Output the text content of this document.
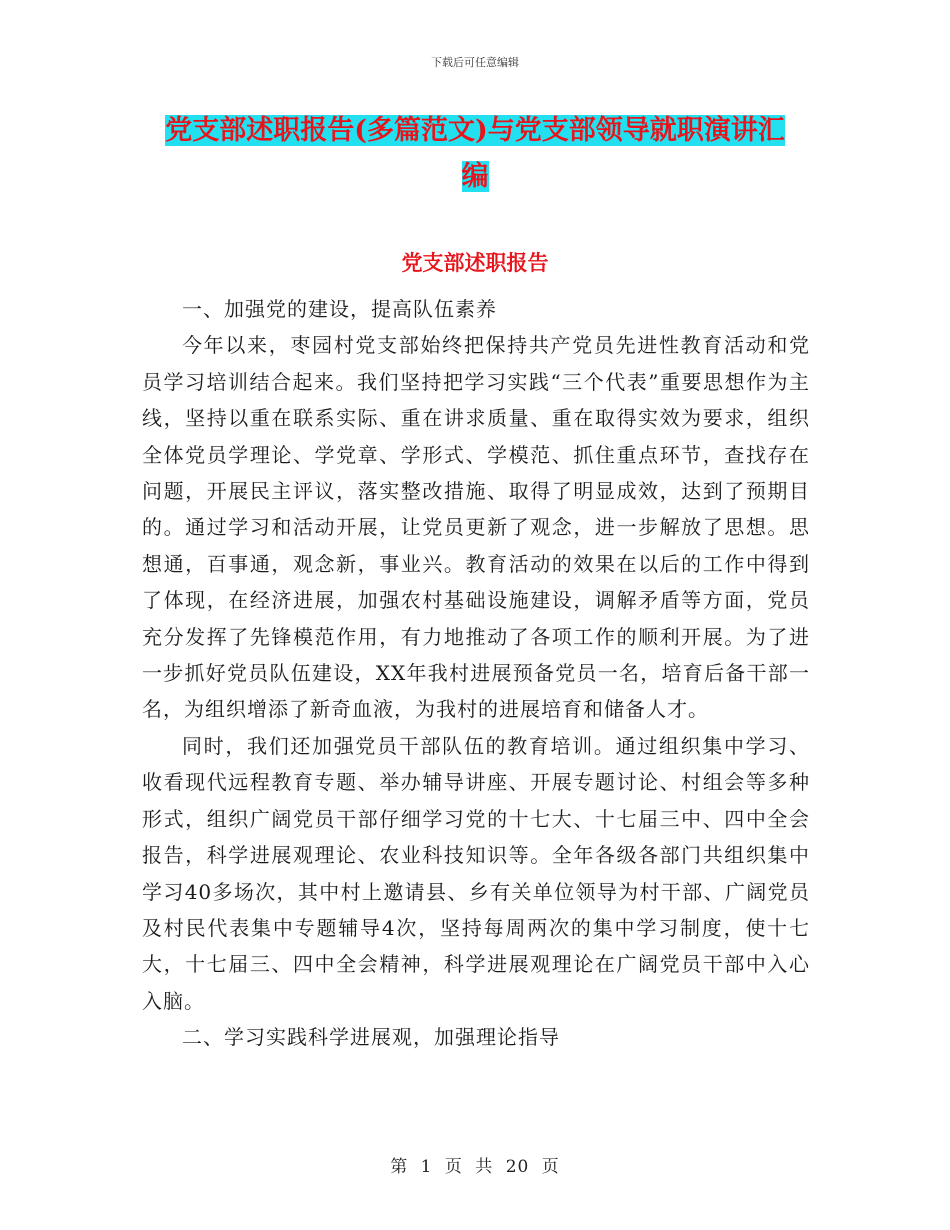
下载后可任意编辑
党支部述职报告(多篇范文)与党支部领导就职演讲汇
编
党支部述职报告

一、加强党的建设，提高队伍素养

今年以来，枣园村党支部始终把保持共产党员先进性教育活动和党员学习培训结合起来。我们坚持把学习实践“三个代表”重要思想作为主线，坚持以重在联系实际、重在讲求质量、重在取得实效为要求，组织全体党员学理论、学党章、学形式、学模范、抓住重点环节，查找存在问题，开展民主评议，落实整改措施、取得了明显成效，达到了预期目的。通过学习和活动开展，让党员更新了观念，进一步解放了思想。思想通，百事通，观念新，事业兴。教育活动的效果在以后的工作中得到了体现，在经济进展，加强农村基础设施建设，调解矛盾等方面，党员充分发挥了先锋模范作用，有力地推动了各项工作的顺利开展。为了进一步抓好党员队伍建设，XX年我村进展预备党员一名，培育后备干部一名，为组织增添了新奇血液，为我村的进展培育和储备人才。

同时，我们还加强党员干部队伍的教育培训。通过组织集中学习、收看现代远程教育专题、举办辅导讲座、开展专题讨论、村组会等多种形式，组织广阔党员干部仔细学习党的十七大、十七届三中、四中全会报告，科学进展观理论、农业科技知识等。全年各级各部门共组织集中学习40多场次，其中村上邀请县、乡有关单位领导为村干部、广阔党员及村民代表集中专题辅导4次，坚持每周两次的集中学习制度，使十七大，十七届三、四中全会精神，科学进展观理论在广阔党员干部中入心入脑。

二、学习实践科学进展观，加强理论指导

第 1 页 共 20 页
